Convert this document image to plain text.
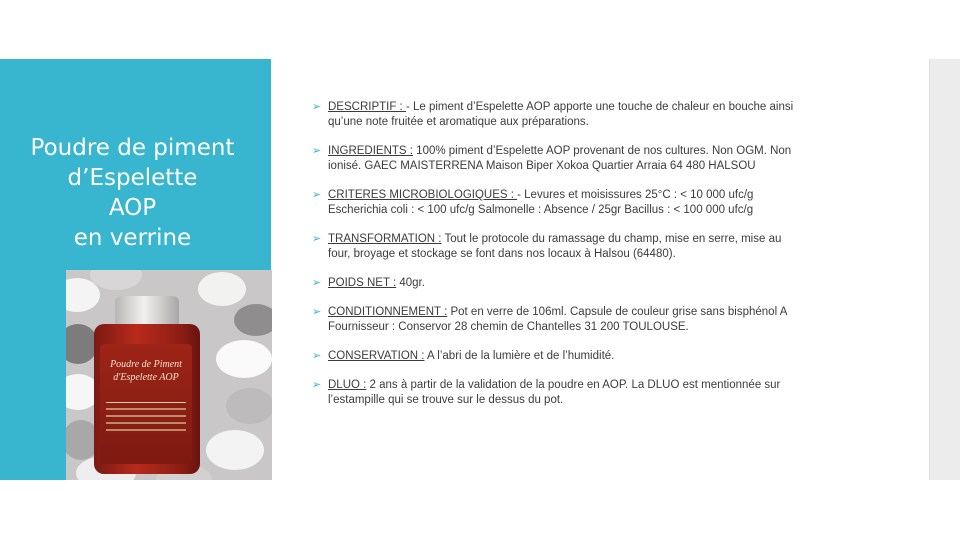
Poudre de piment
d’Espelette
AOP
en verrine
Poudre de Piment d'Espelette AOP
➢ DESCRIPTIF : - Le piment d’Espelette AOP apporte une touche de chaleur en bouche ainsi
qu’une note fruitée et aromatique aux préparations.
➢ INGREDIENTS : 100% piment d’Espelette AOP provenant de nos cultures. Non OGM. Non
ionisé. GAEC MAISTERRENA Maison Biper Xokoa Quartier Arraia 64 480 HALSOU
➢ CRITERES MICROBIOLOGIQUES : - Levures et moisissures 25°C : < 10 000 ufc/g
Escherichia coli : < 100 ufc/g Salmonelle : Absence / 25gr Bacillus : < 100 000 ufc/g
➢ TRANSFORMATION : Tout le protocole du ramassage du champ, mise en serre, mise au
four, broyage et stockage se font dans nos locaux à Halsou (64480).
➢ POIDS NET : 40gr.
➢ CONDITIONNEMENT : Pot en verre de 106ml. Capsule de couleur grise sans bisphénol A
Fournisseur : Conservor 28 chemin de Chantelles 31 200 TOULOUSE.
➢ CONSERVATION : A l’abri de la lumière et de l’humidité.
➢ DLUO : 2 ans à partir de la validation de la poudre en AOP. La DLUO est mentionnée sur
l’estampille qui se trouve sur le dessus du pot.
